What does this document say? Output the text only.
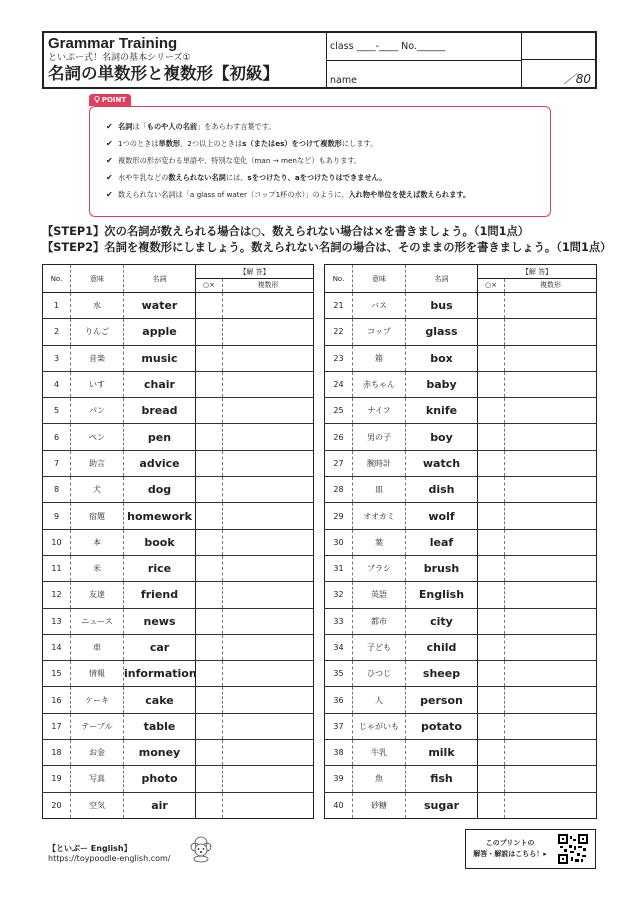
Grammar Training
といぷー式！名詞の基本シリーズ①
名詞の単数形と複数形【初級】
class ____-____ No.______
name	／80
POINT
✔ 名詞は「ものや人の名前」をあらわす言葉です。
✔ 1つのときは単数形、2つ以上のときはs（またはes）をつけて複数形にします。
✔ 複数形の形が変わる単語や、特別な変化（man → menなど）もあります。
✔ 水や牛乳などの数えられない名詞には、sをつけたり、aをつけたりはできません。
✔ 数えられない名詞は「a glass of water（コップ1杯の水）」のように、入れ物や単位を使えば数えられます。
【STEP1】次の名詞が数えられる場合は○、数えられない場合は×を書きましょう。（1問1点）
【STEP2】名詞を複数形にしましょう。数えられない名詞の場合は、そのままの形を書きましょう。（1問1点）
No.	意味	名詞	【解 答】
○× 複数形	

1	水	water		
2	りんご	apple		
3	音楽	music		
4	いす	chair		
5	パン	bread		
6	ペン	pen		
7	助言	advice		
8	犬	dog		
9	宿題	homework		
10	本	book		
11	米	rice		
12	友達	friend		
13	ニュース	news		
14	車	car		
15	情報	information		
16	ケーキ	cake		
17	テーブル	table		
18	お金	money		
19	写真	photo		
20	空気	air		
No.	意味	名詞	【解 答】
○× 複数形	

21	バス	bus		
22	コップ	glass		
23	箱	box		
24	赤ちゃん	baby		
25	ナイフ	knife		
26	男の子	boy		
27	腕時計	watch		
28	皿	dish		
29	オオカミ	wolf		
30	葉	leaf		
31	ブラシ	brush		
32	英語	English		
33	都市	city		
34	子ども	child		
35	ひつじ	sheep		
36	人	person		
37	じゃがいも	potato		
38	牛乳	milk		
39	魚	fish		
40	砂糖	sugar		
【といぷー English】
https://toypoodle-english.com/
このプリントの
解答・解説はこちら！▸
